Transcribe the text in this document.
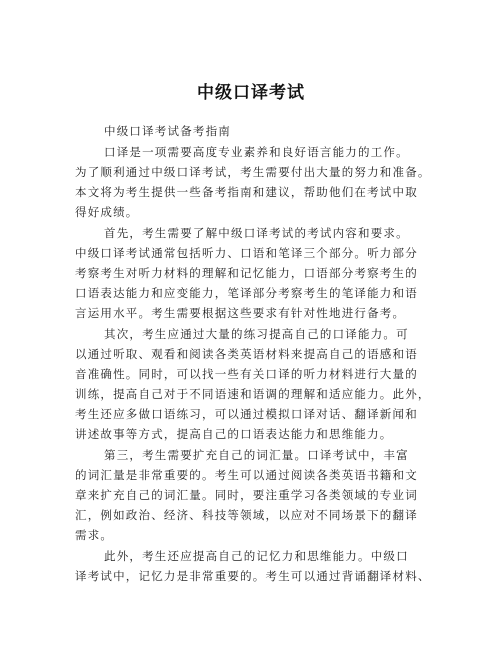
中级口译考试
中级口译考试备考指南
口译是一项需要高度专业素养和良好语言能力的工作。
为了顺利通过中级口译考试，考生需要付出大量的努力和准备。
本文将为考生提供一些备考指南和建议，帮助他们在考试中取
得好成绩。
首先，考生需要了解中级口译考试的考试内容和要求。
中级口译考试通常包括听力、口语和笔译三个部分。听力部分
考察考生对听力材料的理解和记忆能力，口语部分考察考生的
口语表达能力和应变能力，笔译部分考察考生的笔译能力和语
言运用水平。考生需要根据这些要求有针对性地进行备考。
其次，考生应通过大量的练习提高自己的口译能力。可
以通过听取、观看和阅读各类英语材料来提高自己的语感和语
音准确性。同时，可以找一些有关口译的听力材料进行大量的
训练，提高自己对于不同语速和语调的理解和适应能力。此外，
考生还应多做口语练习，可以通过模拟口译对话、翻译新闻和
讲述故事等方式，提高自己的口语表达能力和思维能力。
第三，考生需要扩充自己的词汇量。口译考试中，丰富
的词汇量是非常重要的。考生可以通过阅读各类英语书籍和文
章来扩充自己的词汇量。同时，要注重学习各类领域的专业词
汇，例如政治、经济、科技等领域，以应对不同场景下的翻译
需求。
此外，考生还应提高自己的记忆力和思维能力。中级口
译考试中，记忆力是非常重要的。考生可以通过背诵翻译材料、
